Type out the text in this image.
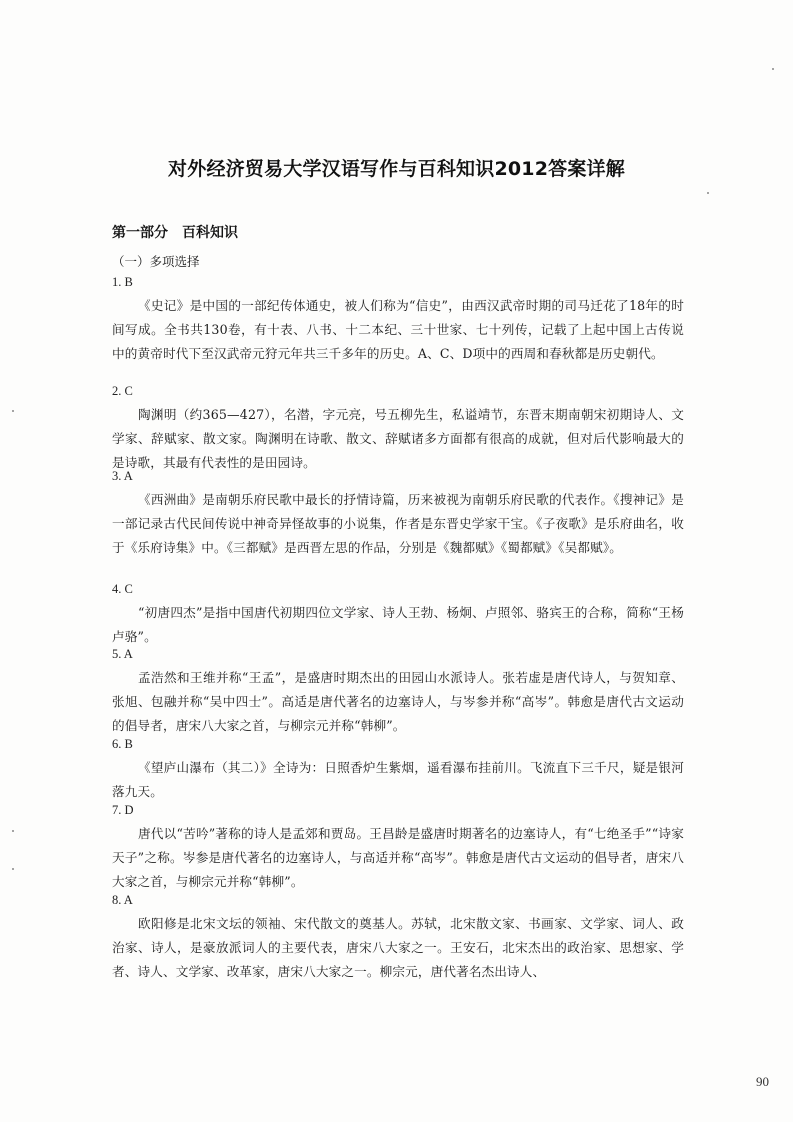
对外经济贸易大学汉语写作与百科知识2012答案详解
第一部分　百科知识
（一）多项选择
1. B
《史记》是中国的一部纪传体通史，被人们称为“信史”，由西汉武帝时期的司马迁花了18年的时间写成。全书共130卷，有十表、八书、十二本纪、三十世家、七十列传，记载了上起中国上古传说中的黄帝时代下至汉武帝元狩元年共三千多年的历史。A、C、D项中的西周和春秋都是历史朝代。
2. C
陶渊明（约365—427），名潜，字元亮，号五柳先生，私谥靖节，东晋末期南朝宋初期诗人、文学家、辞赋家、散文家。陶渊明在诗歌、散文、辞赋诸多方面都有很高的成就，但对后代影响最大的是诗歌，其最有代表性的是田园诗。
3. A
《西洲曲》是南朝乐府民歌中最长的抒情诗篇，历来被视为南朝乐府民歌的代表作。《搜神记》是一部记录古代民间传说中神奇异怪故事的小说集，作者是东晋史学家干宝。《子夜歌》是乐府曲名，收于《乐府诗集》中。《三都赋》是西晋左思的作品，分别是《魏都赋》《蜀都赋》《吴都赋》。
4. C
“初唐四杰”是指中国唐代初期四位文学家、诗人王勃、杨炯、卢照邻、骆宾王的合称，简称“王杨卢骆”。
5. A
孟浩然和王维并称“王孟”，是盛唐时期杰出的田园山水派诗人。张若虚是唐代诗人，与贺知章、张旭、包融并称“吴中四士”。高适是唐代著名的边塞诗人，与岑参并称“高岑”。韩愈是唐代古文运动的倡导者，唐宋八大家之首，与柳宗元并称“韩柳”。
6. B
《望庐山瀑布（其二）》全诗为：日照香炉生紫烟，遥看瀑布挂前川。飞流直下三千尺，疑是银河落九天。
7. D
唐代以“苦吟”著称的诗人是孟郊和贾岛。王昌龄是盛唐时期著名的边塞诗人，有“七绝圣手”“诗家天子”之称。岑参是唐代著名的边塞诗人，与高适并称“高岑”。韩愈是唐代古文运动的倡导者，唐宋八大家之首，与柳宗元并称“韩柳”。
8. A
欧阳修是北宋文坛的领袖、宋代散文的奠基人。苏轼，北宋散文家、书画家、文学家、词人、政治家、诗人，是豪放派词人的主要代表，唐宋八大家之一。王安石，北宋杰出的政治家、思想家、学者、诗人、文学家、改革家，唐宋八大家之一。柳宗元，唐代著名杰出诗人、
90
